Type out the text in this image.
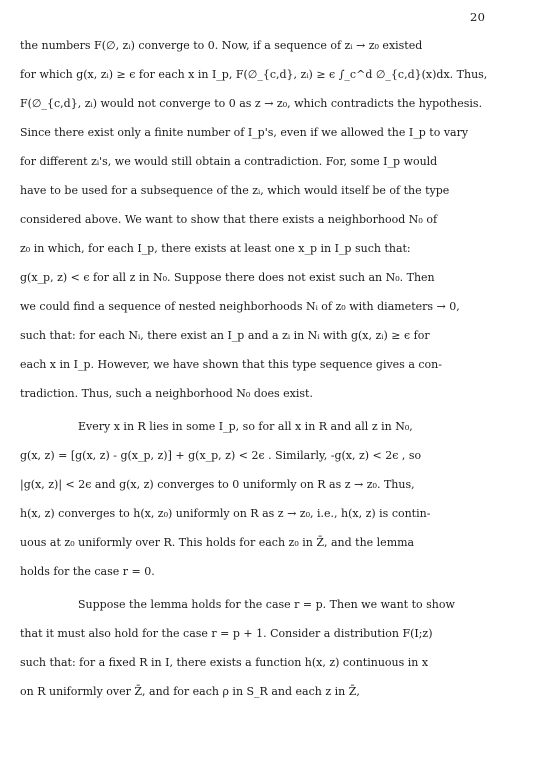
20
the numbers F(∅, zᵢ) converge to 0. Now, if a sequence of zᵢ → z₀ existed
for which g(x, zᵢ) ≥ ϵ for each x in I_p, F(∅_{c,d}, zᵢ) ≥ ϵ ∫_c^d ∅_{c,d}(x)dx. Thus,
F(∅_{c,d}, zᵢ) would not converge to 0 as z → z₀, which contradicts the hypothesis.
Since there exist only a finite number of I_p's, even if we allowed the I_p to vary
for different zᵢ's, we would still obtain a contradiction. For, some I_p would
have to be used for a subsequence of the zᵢ, which would itself be of the type
considered above. We want to show that there exists a neighborhood N₀ of
z₀ in which, for each I_p, there exists at least one x_p in I_p such that:
g(x_p, z) < ϵ for all z in N₀. Suppose there does not exist such an N₀. Then
we could find a sequence of nested neighborhoods Nᵢ of z₀ with diameters → 0,
such that: for each Nᵢ, there exist an I_p and a zᵢ in Nᵢ with g(x, zᵢ) ≥ ϵ for
each x in I_p. However, we have shown that this type sequence gives a con-
tradiction. Thus, such a neighborhood N₀ does exist.
Every x in R lies in some I_p, so for all x in R and all z in N₀,
g(x, z) = [g(x, z) - g(x_p, z)] + g(x_p, z) < 2ϵ . Similarly, -g(x, z) < 2ϵ , so
|g(x, z)| < 2ϵ and g(x, z) converges to 0 uniformly on R as z → z₀. Thus,
h(x, z) converges to h(x, z₀) uniformly on R as z → z₀, i.e., h(x, z) is contin-
uous at z₀ uniformly over R. This holds for each z₀ in Z̄, and the lemma
holds for the case r = 0.
Suppose the lemma holds for the case r = p. Then we want to show
that it must also hold for the case r = p + 1. Consider a distribution F(I;z)
such that: for a fixed R in I, there exists a function h(x, z) continuous in x
on R uniformly over Z̄, and for each ρ in S_R and each z in Z̄,
